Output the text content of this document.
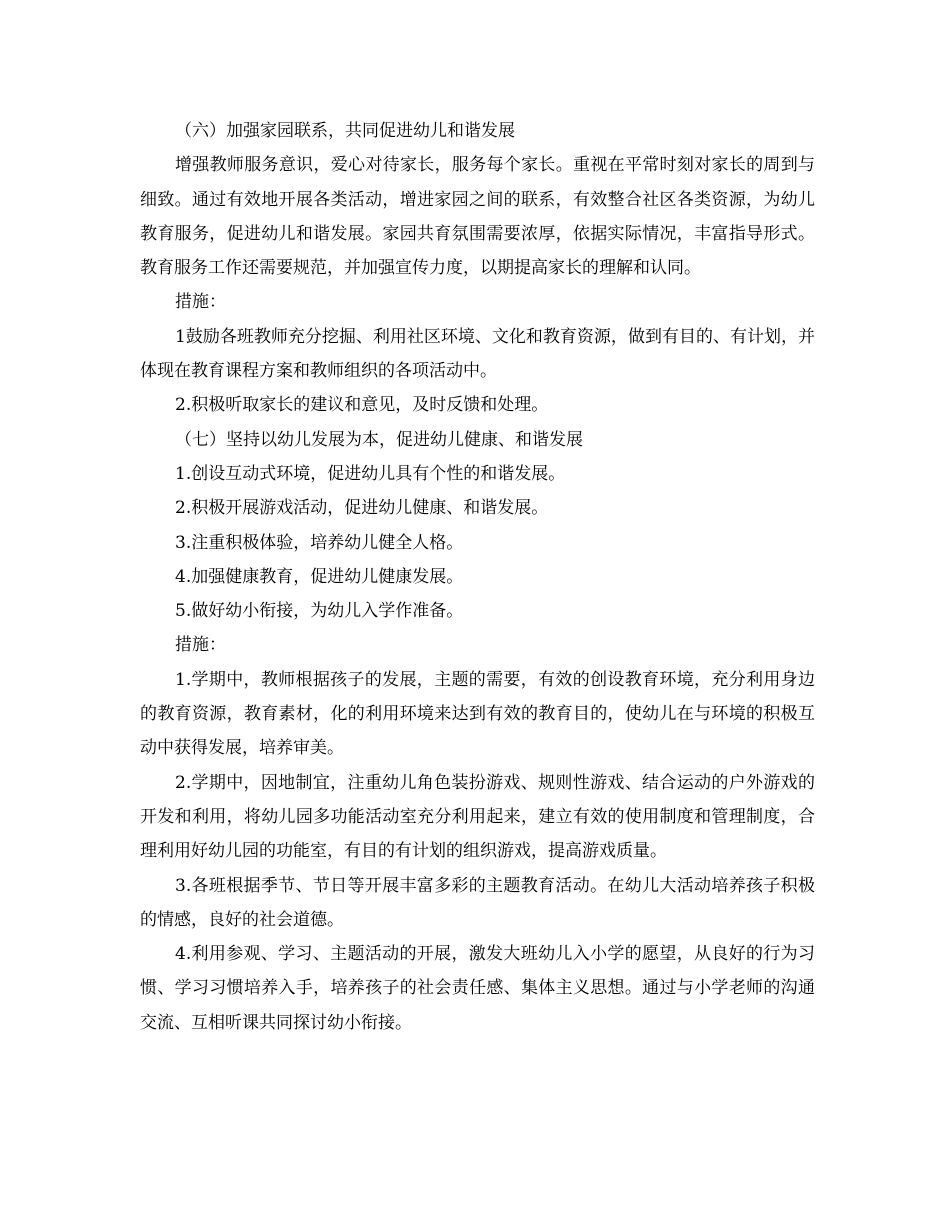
（六）加强家园联系，共同促进幼儿和谐发展

增强教师服务意识，爱心对待家长，服务每个家长。重视在平常时刻对家长的周到与细致。通过有效地开展各类活动，增进家园之间的联系，有效整合社区各类资源，为幼儿教育服务，促进幼儿和谐发展。家园共育氛围需要浓厚，依据实际情况，丰富指导形式。教育服务工作还需要规范，并加强宣传力度，以期提高家长的理解和认同。

措施：

1鼓励各班教师充分挖掘、利用社区环境、文化和教育资源，做到有目的、有计划，并体现在教育课程方案和教师组织的各项活动中。

2.积极听取家长的建议和意见，及时反馈和处理。

（七）坚持以幼儿发展为本，促进幼儿健康、和谐发展

1.创设互动式环境，促进幼儿具有个性的和谐发展。

2.积极开展游戏活动，促进幼儿健康、和谐发展。

3.注重积极体验，培养幼儿健全人格。

4.加强健康教育，促进幼儿健康发展。

5.做好幼小衔接，为幼儿入学作准备。

措施：

1.学期中，教师根据孩子的发展，主题的需要，有效的创设教育环境，充分利用身边的教育资源，教育素材，化的利用环境来达到有效的教育目的，使幼儿在与环境的积极互动中获得发展，培养审美。

2.学期中，因地制宜，注重幼儿角色装扮游戏、规则性游戏、结合运动的户外游戏的开发和利用，将幼儿园多功能活动室充分利用起来，建立有效的使用制度和管理制度，合理利用好幼儿园的功能室，有目的有计划的组织游戏，提高游戏质量。

3.各班根据季节、节日等开展丰富多彩的主题教育活动。在幼儿大活动培养孩子积极的情感，良好的社会道德。

4.利用参观、学习、主题活动的开展，激发大班幼儿入小学的愿望，从良好的行为习惯、学习习惯培养入手，培养孩子的社会责任感、集体主义思想。通过与小学老师的沟通交流、互相听课共同探讨幼小衔接。
